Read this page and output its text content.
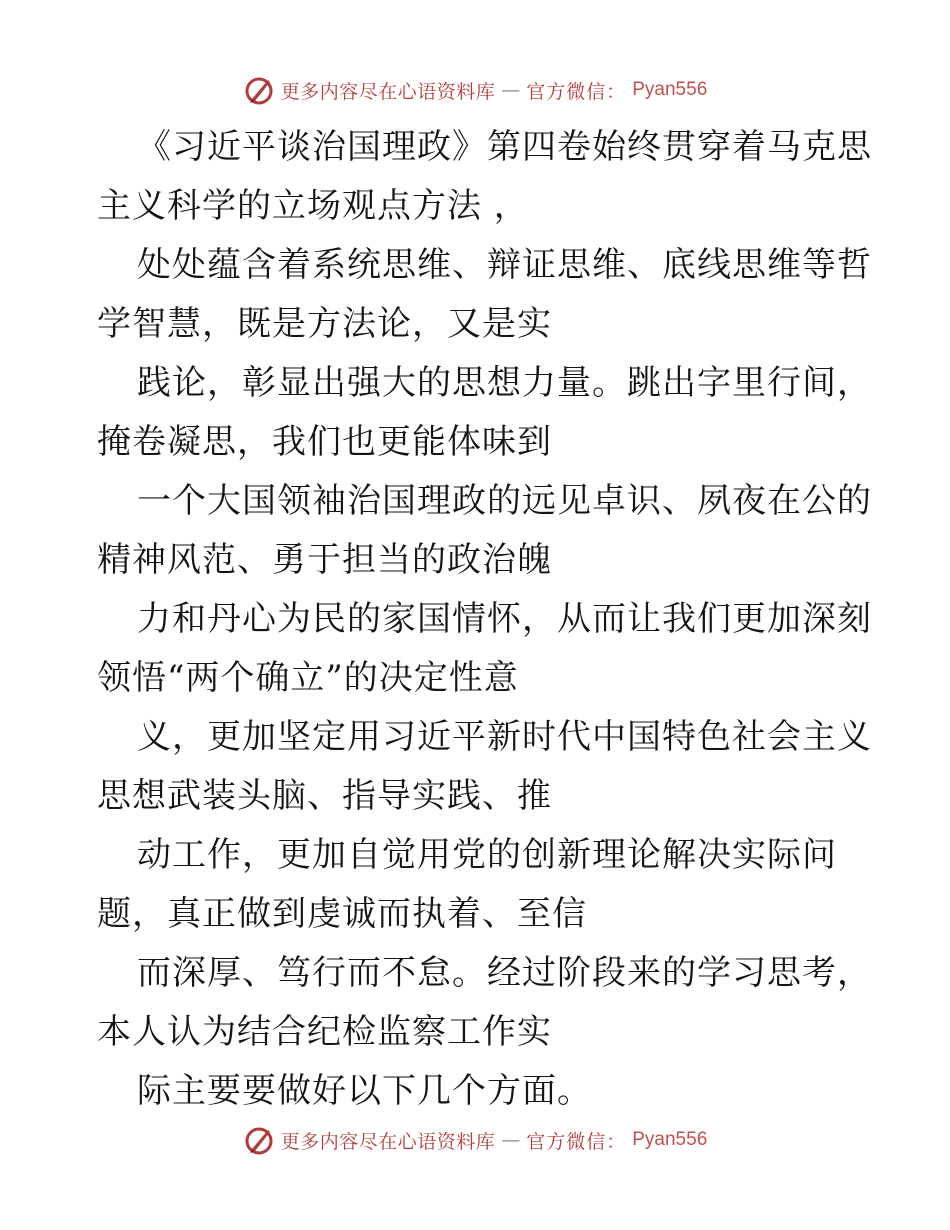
更多内容尽在心语资料库 — 官方微信： Pyan556
《习近平谈治国理政》第四卷始终贯穿着马克思
主义科学的立场观点方法 ，
处处蕴含着系统思维、辩证思维、底线思维等哲
学智慧，既是方法论，又是实
践论，彰显出强大的思想力量。跳出字里行间，
掩卷凝思，我们也更能体味到
一个大国领袖治国理政的远见卓识、夙夜在公的
精神风范、勇于担当的政治魄
力和丹心为民的家国情怀，从而让我们更加深刻
领悟“两个确立”的决定性意
义，更加坚定用习近平新时代中国特色社会主义
思想武装头脑、指导实践、推
动工作，更加自觉用党的创新理论解决实际问
题，真正做到虔诚而执着、至信
而深厚、笃行而不怠。经过阶段来的学习思考，
本人认为结合纪检监察工作实
际主要要做好以下几个方面。
更多内容尽在心语资料库 — 官方微信： Pyan556
